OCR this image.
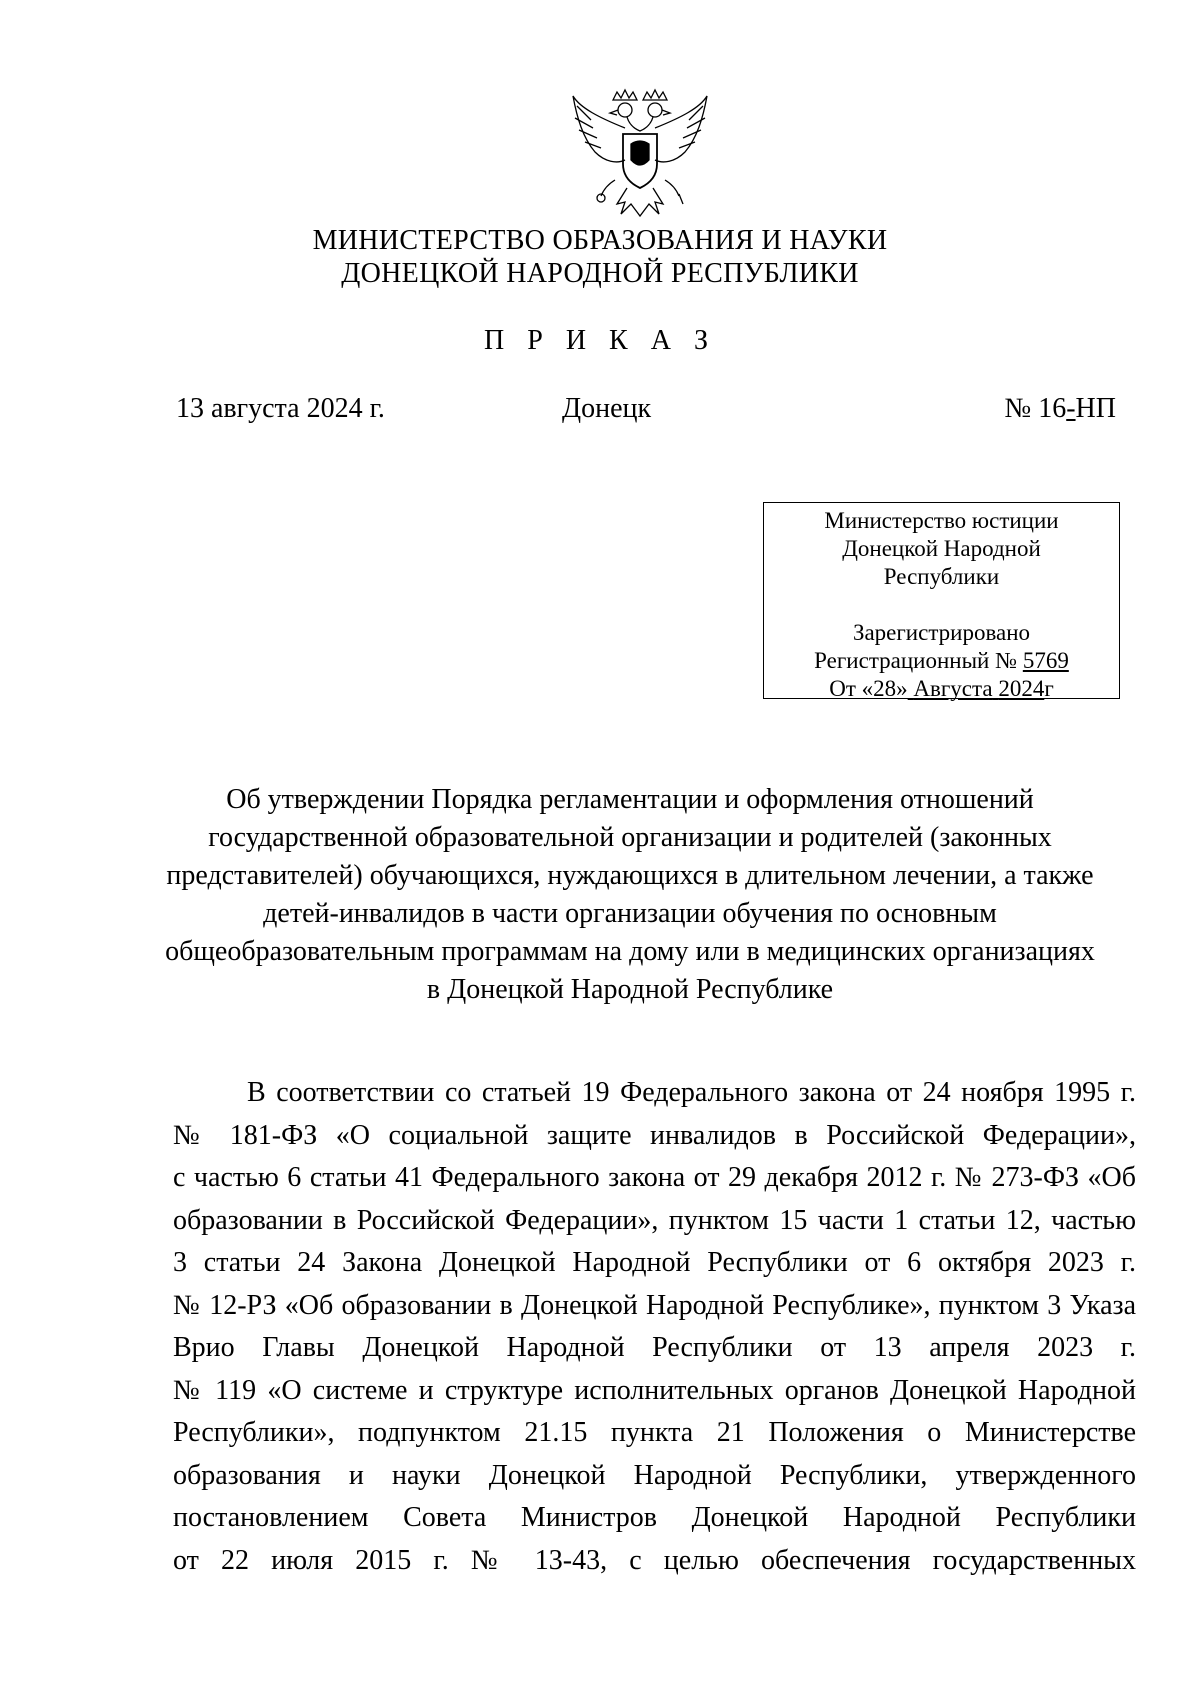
МИНИСТЕРСТВО ОБРАЗОВАНИЯ И НАУКИ
ДОНЕЦКОЙ НАРОДНОЙ РЕСПУБЛИКИ
П Р И К А З
13 августа 2024 г.	Донецк	№ 16-НП
Министерство юстиции
Донецкой Народной
Республики
Зарегистрировано
Регистрационный № 5769
От «28» Августа 2024г
Об утверждении Порядка регламентации и оформления отношений
государственной образовательной организации и родителей (законных
представителей) обучающихся, нуждающихся в длительном лечении, а также
детей-инвалидов в части организации обучения по основным
общеобразовательным программам на дому или в медицинских организациях
в Донецкой Народной Республике
В соответствии со статьей 19 Федерального закона от 24 ноября 1995 г.
№ 181-ФЗ «О социальной защите инвалидов в Российской Федерации»,
с частью 6 статьи 41 Федерального закона от 29 декабря 2012 г. № 273-ФЗ «Об
образовании в Российской Федерации», пунктом 15 части 1 статьи 12, частью
3 статьи 24 Закона Донецкой Народной Республики от 6 октября 2023 г.
№ 12-РЗ «Об образовании в Донецкой Народной Республике», пунктом 3 Указа
Врио Главы Донецкой Народной Республики от 13 апреля 2023 г.
№ 119 «О системе и структуре исполнительных органов Донецкой Народной
Республики», подпунктом 21.15 пункта 21 Положения о Министерстве
образования и науки Донецкой Народной Республики, утвержденного
постановлением Совета Министров Донецкой Народной Республики
от 22 июля 2015 г. № 13-43, с целью обеспечения государственных
